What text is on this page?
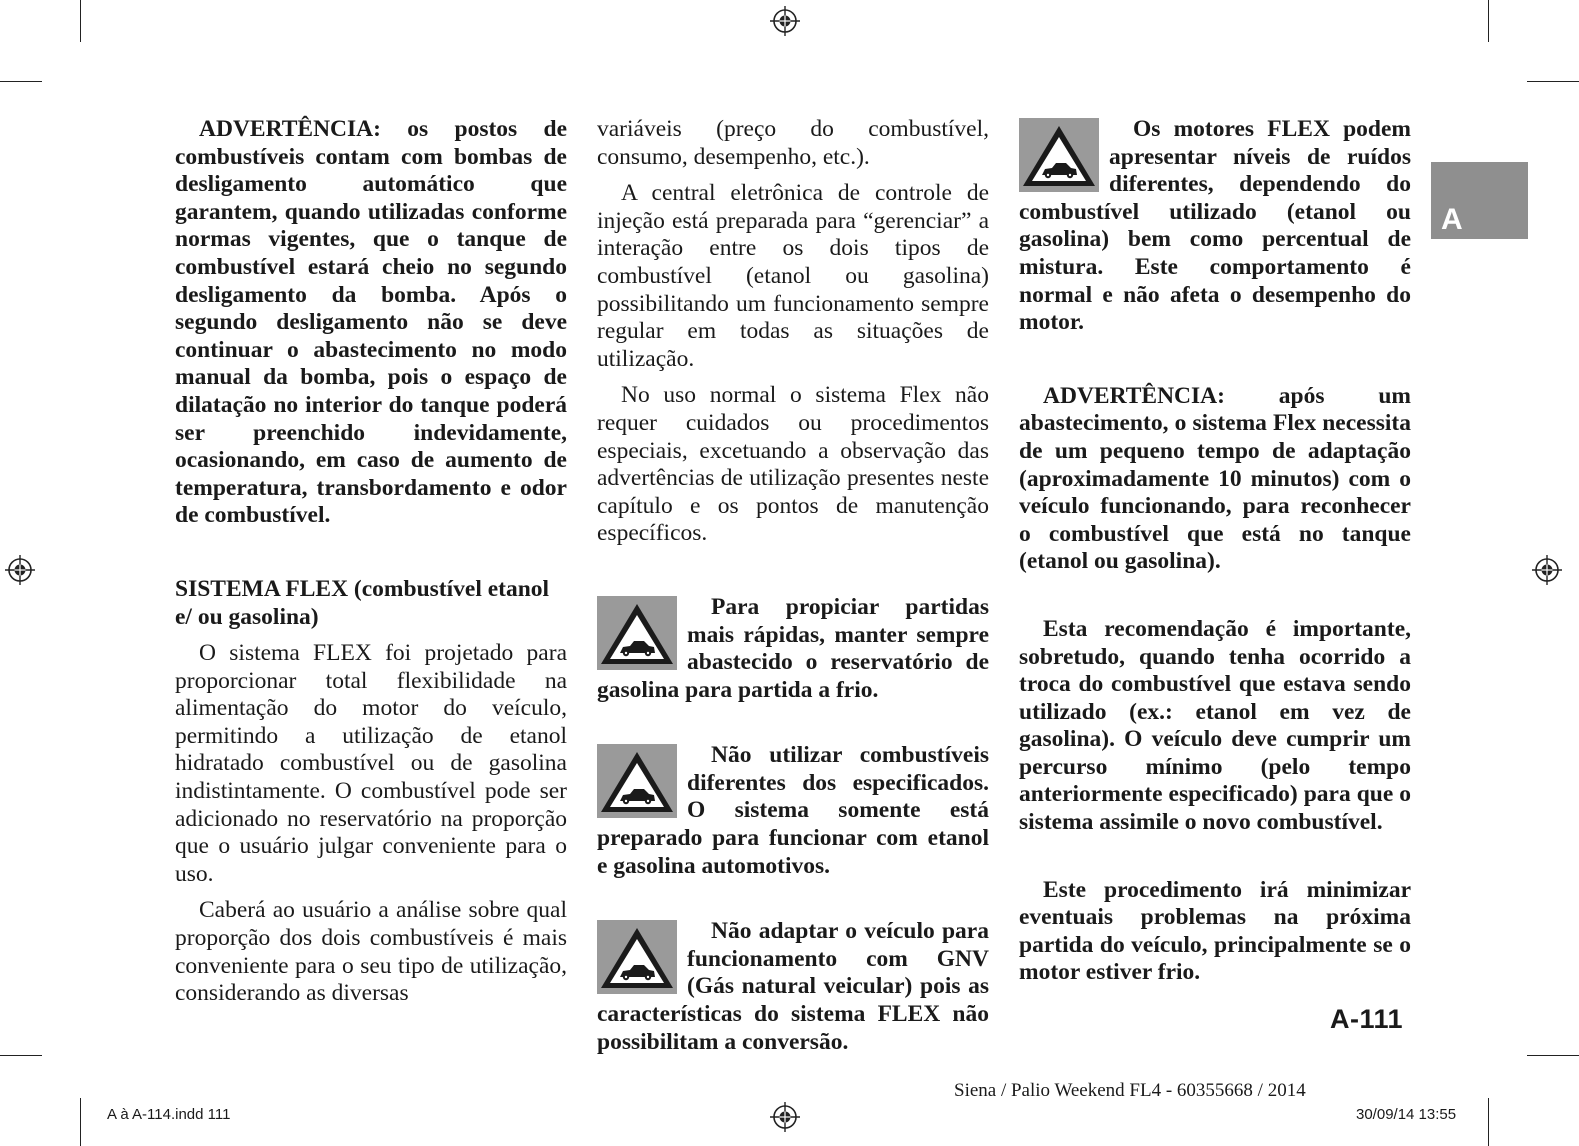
ADVERTÊNCIA: os postos de combustíveis contam com bombas de desligamento automático que garantem, quando utilizadas conforme normas vigentes, que o tanque de combustível estará cheio no segundo desligamento da bomba. Após o segundo desligamento não se deve continuar o abastecimento no modo manual da bomba, pois o espaço de dilatação no interior do tanque poderá ser preenchido indevidamente, ocasionando, em caso de aumento de temperatura, transbordamento e odor de combustível.

SISTEMA FLEX (combustível etanol e/ ou gasolina)

O sistema FLEX foi projetado para proporcionar total flexibilidade na alimentação do motor do veículo, permitindo a utilização de etanol hidratado combustível ou de gasolina indistintamente. O combustível pode ser adicionado no reservatório na proporção que o usuário julgar conveniente para o uso.

Caberá ao usuário a análise sobre qual proporção dos dois combustíveis é mais conveniente para o seu tipo de utilização, considerando as diversas

variáveis (preço do combustível, consumo, desempenho, etc.).

A central eletrônica de controle de injeção está preparada para “gerenciar” a interação entre os dois tipos de combustível (etanol ou gasolina) possibilitando um funcionamento sempre regular em todas as situações de utilização.

No uso normal o sistema Flex não requer cuidados ou procedimentos especiais, excetuando a observação das advertências de utilização presentes neste capítulo e os pontos de manutenção específicos.

Para propiciar partidas mais rápidas, manter sempre abastecido o reservatório de gasolina para partida a frio.

Não utilizar combustíveis diferentes dos especificados. O sistema somente está preparado para funcionar com etanol e gasolina automotivos.

Não adaptar o veículo para funcionamento com GNV (Gás natural veicular) pois as características do sistema FLEX não possibilitam a conversão.

Os motores FLEX podem apresentar níveis de ruídos diferentes, dependendo do combustível utilizado (etanol ou gasolina) bem como percentual de mistura. Este comportamento é normal e não afeta o desempenho do motor.

ADVERTÊNCIA: após um abastecimento, o sistema Flex necessita de um pequeno tempo de adaptação (aproximadamente 10 minutos) com o veículo funcionando, para reconhecer o combustível que está no tanque (etanol ou gasolina).

Esta recomendação é importante, sobretudo, quando tenha ocorrido a troca do combustível que estava sendo utilizado (ex.: etanol em vez de gasolina). O veículo deve cumprir um percurso mínimo (pelo tempo anteriormente especificado) para que o sistema assimile o novo combustível.

Este procedimento irá minimizar eventuais problemas na próxima partida do veículo, principalmente se o motor estiver frio.

A
A-111
Siena / Palio Weekend FL4 - 60355668 / 2014
A à A-114.indd 111	30/09/14 13:55
